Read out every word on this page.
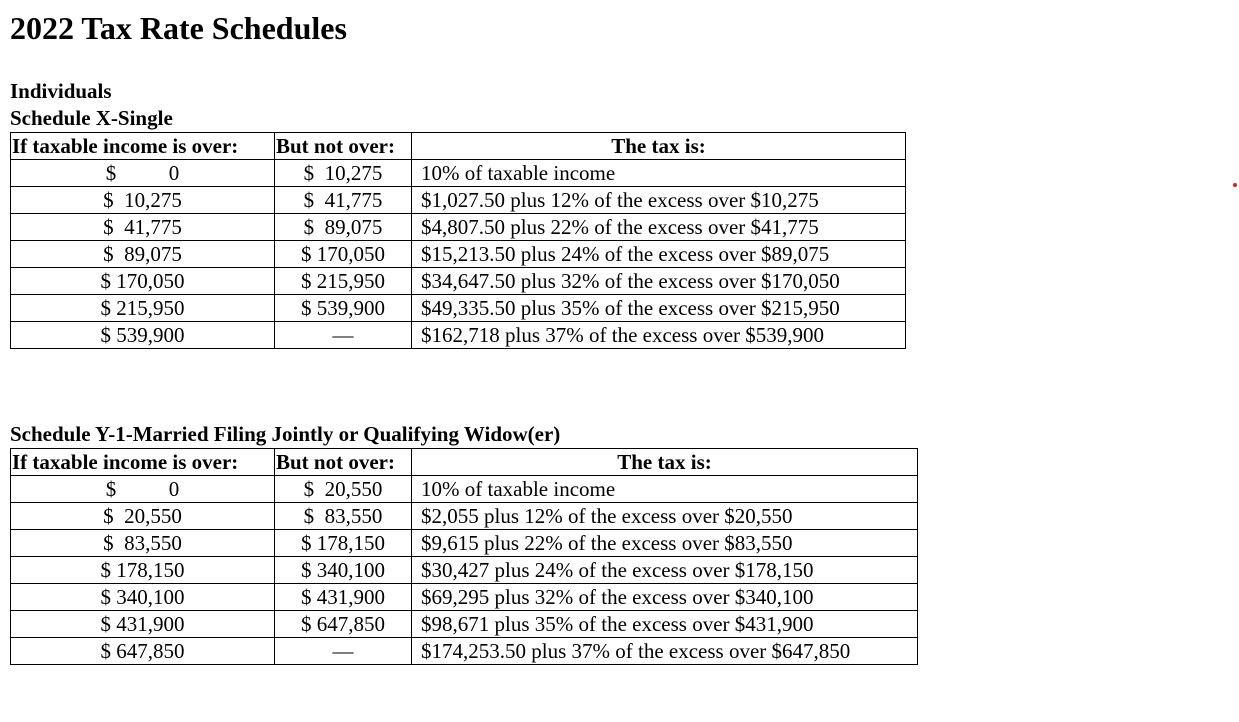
2022 Tax Rate Schedules
Individuals
Schedule X-Single
If taxable income is over:	But not over:	The tax is:
$          0	$  10,275	10% of taxable income
$  10,275	$  41,775	$1,027.50 plus 12% of the excess over $10,275
$  41,775	$  89,075	$4,807.50 plus 22% of the excess over $41,775
$  89,075	$ 170,050	$15,213.50 plus 24% of the excess over $89,075
$ 170,050	$ 215,950	$34,647.50 plus 32% of the excess over $170,050
$ 215,950	$ 539,900	$49,335.50 plus 35% of the excess over $215,950
$ 539,900	—	$162,718 plus 37% of the excess over $539,900
Schedule Y-1-Married Filing Jointly or Qualifying Widow(er)
If taxable income is over:	But not over:	The tax is:
$          0	$  20,550	10% of taxable income
$  20,550	$  83,550	$2,055 plus 12% of the excess over $20,550
$  83,550	$ 178,150	$9,615 plus 22% of the excess over $83,550
$ 178,150	$ 340,100	$30,427 plus 24% of the excess over $178,150
$ 340,100	$ 431,900	$69,295 plus 32% of the excess over $340,100
$ 431,900	$ 647,850	$98,671 plus 35% of the excess over $431,900
$ 647,850	—	$174,253.50 plus 37% of the excess over $647,850
